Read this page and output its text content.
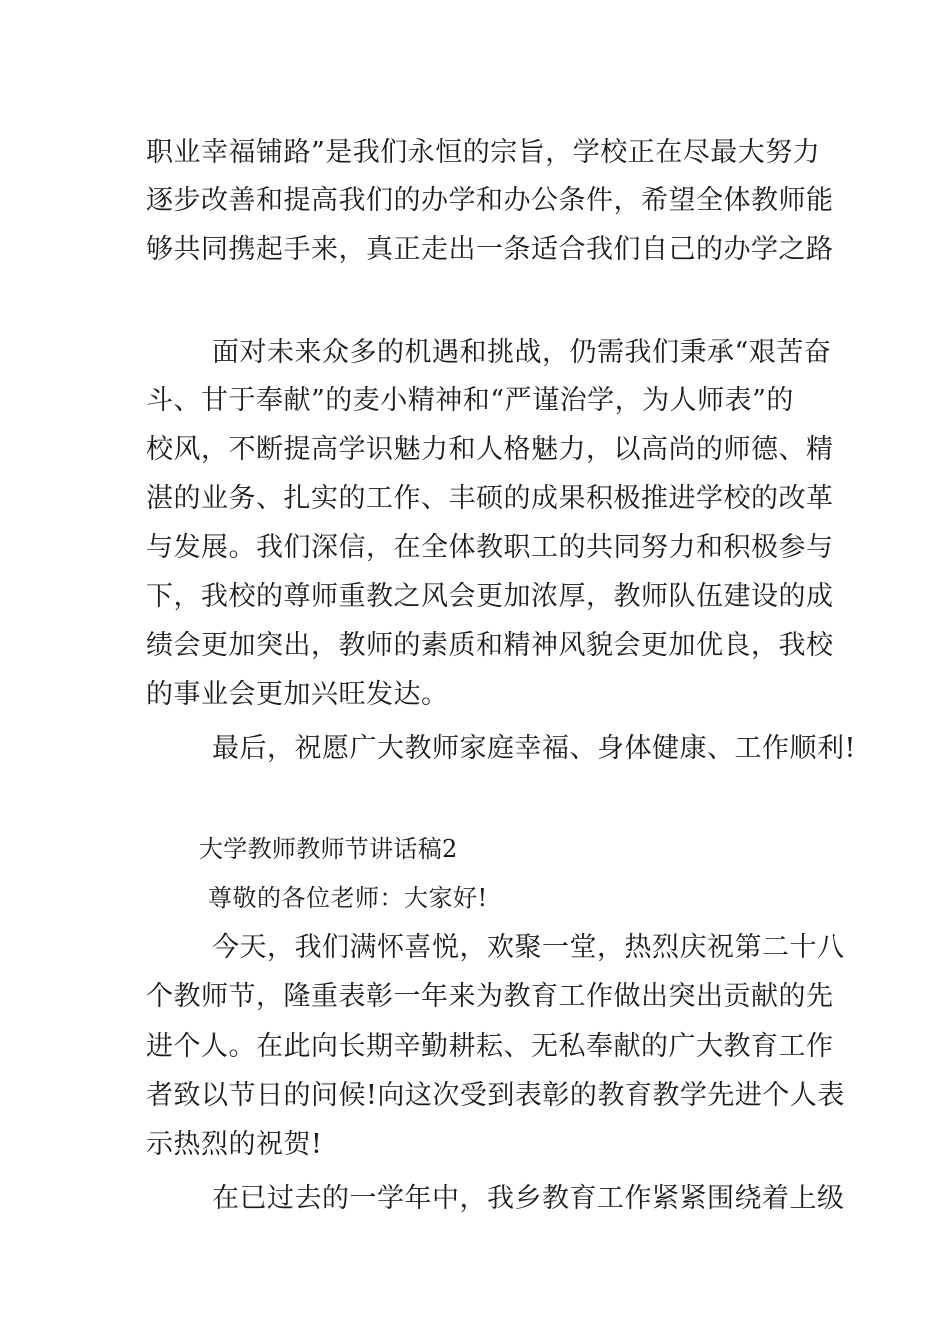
职业幸福铺路”是我们永恒的宗旨，学校正在尽最大努力
逐步改善和提高我们的办学和办公条件，希望全体教师能
够共同携起手来，真正走出一条适合我们自己的办学之路
面对未来众多的机遇和挑战，仍需我们秉承“艰苦奋
斗、甘于奉献”的麦小精神和“严谨治学，为人师表”的
校风，不断提高学识魅力和人格魅力，以高尚的师德、精
湛的业务、扎实的工作、丰硕的成果积极推进学校的改革
与发展。我们深信，在全体教职工的共同努力和积极参与
下，我校的尊师重教之风会更加浓厚，教师队伍建设的成
绩会更加突出，教师的素质和精神风貌会更加优良，我校
的事业会更加兴旺发达。
最后，祝愿广大教师家庭幸福、身体健康、工作顺利!
大学教师教师节讲话稿2
尊敬的各位老师：大家好!
今天，我们满怀喜悦，欢聚一堂，热烈庆祝第二十八
个教师节，隆重表彰一年来为教育工作做出突出贡献的先
进个人。在此向长期辛勤耕耘、无私奉献的广大教育工作
者致以节日的问候!向这次受到表彰的教育教学先进个人表
示热烈的祝贺!
在已过去的一学年中，我乡教育工作紧紧围绕着上级
